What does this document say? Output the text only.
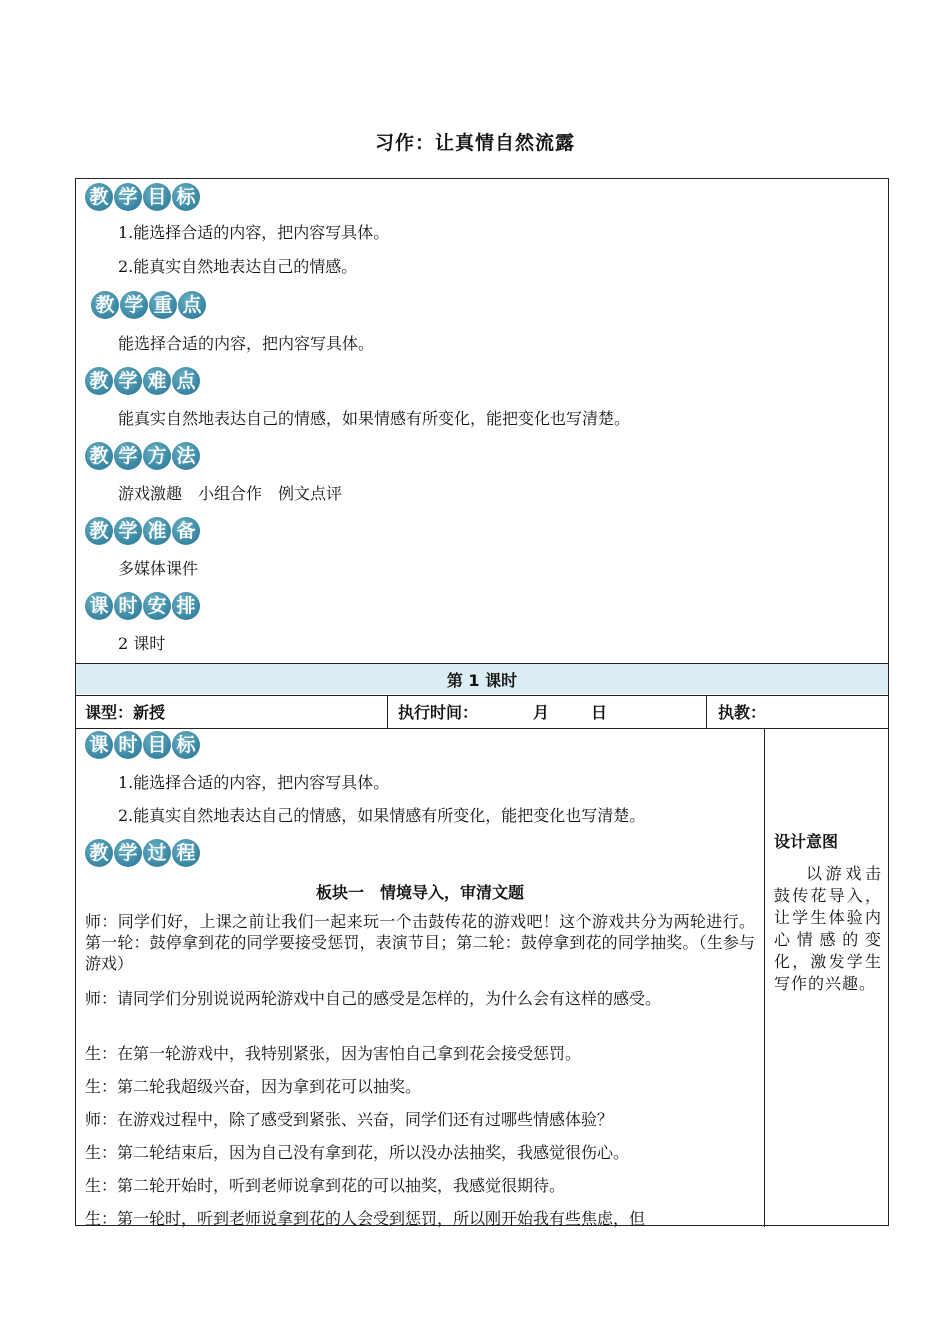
习作：让真情自然流露
教 学 目 标
1.能选择合适的内容，把内容写具体。
2.能真实自然地表达自己的情感。
教 学 重 点
能选择合适的内容，把内容写具体。
教 学 难 点
能真实自然地表达自己的情感，如果情感有所变化，能把变化也写清楚。
教 学 方 法
游戏激趣　小组合作　例文点评
教 学 准 备
多媒体课件
课 时 安 排
2 课时
第 1 课时
课型：新授	执行时间：	月	日	执教：
课 时 目 标
1.能选择合适的内容，把内容写具体。
2.能真实自然地表达自己的情感，如果情感有所变化，能把变化也写清楚。
教 学 过 程
板块一　情境导入，审清文题

师：同学们好，上课之前让我们一起来玩一个击鼓传花的游戏吧！这个游戏共分为两轮进行。第一轮：鼓停拿到花的同学要接受惩罚，表演节目；第二轮：鼓停拿到花的同学抽奖。（生参与游戏）

师：请同学们分别说说两轮游戏中自己的感受是怎样的，为什么会有这样的感受。

生：在第一轮游戏中，我特别紧张，因为害怕自己拿到花会接受惩罚。

生：第二轮我超级兴奋，因为拿到花可以抽奖。

师：在游戏过程中，除了感受到紧张、兴奋，同学们还有过哪些情感体验？

生：第二轮结束后，因为自己没有拿到花，所以没办法抽奖，我感觉很伤心。

生：第二轮开始时，听到老师说拿到花的可以抽奖，我感觉很期待。

生：第一轮时，听到老师说拿到花的人会受到惩罚，所以刚开始我有些焦虑，但

设计意图
以游戏击鼓传花导入，让学生体验内心情感的变化，激发学生写作的兴趣。
